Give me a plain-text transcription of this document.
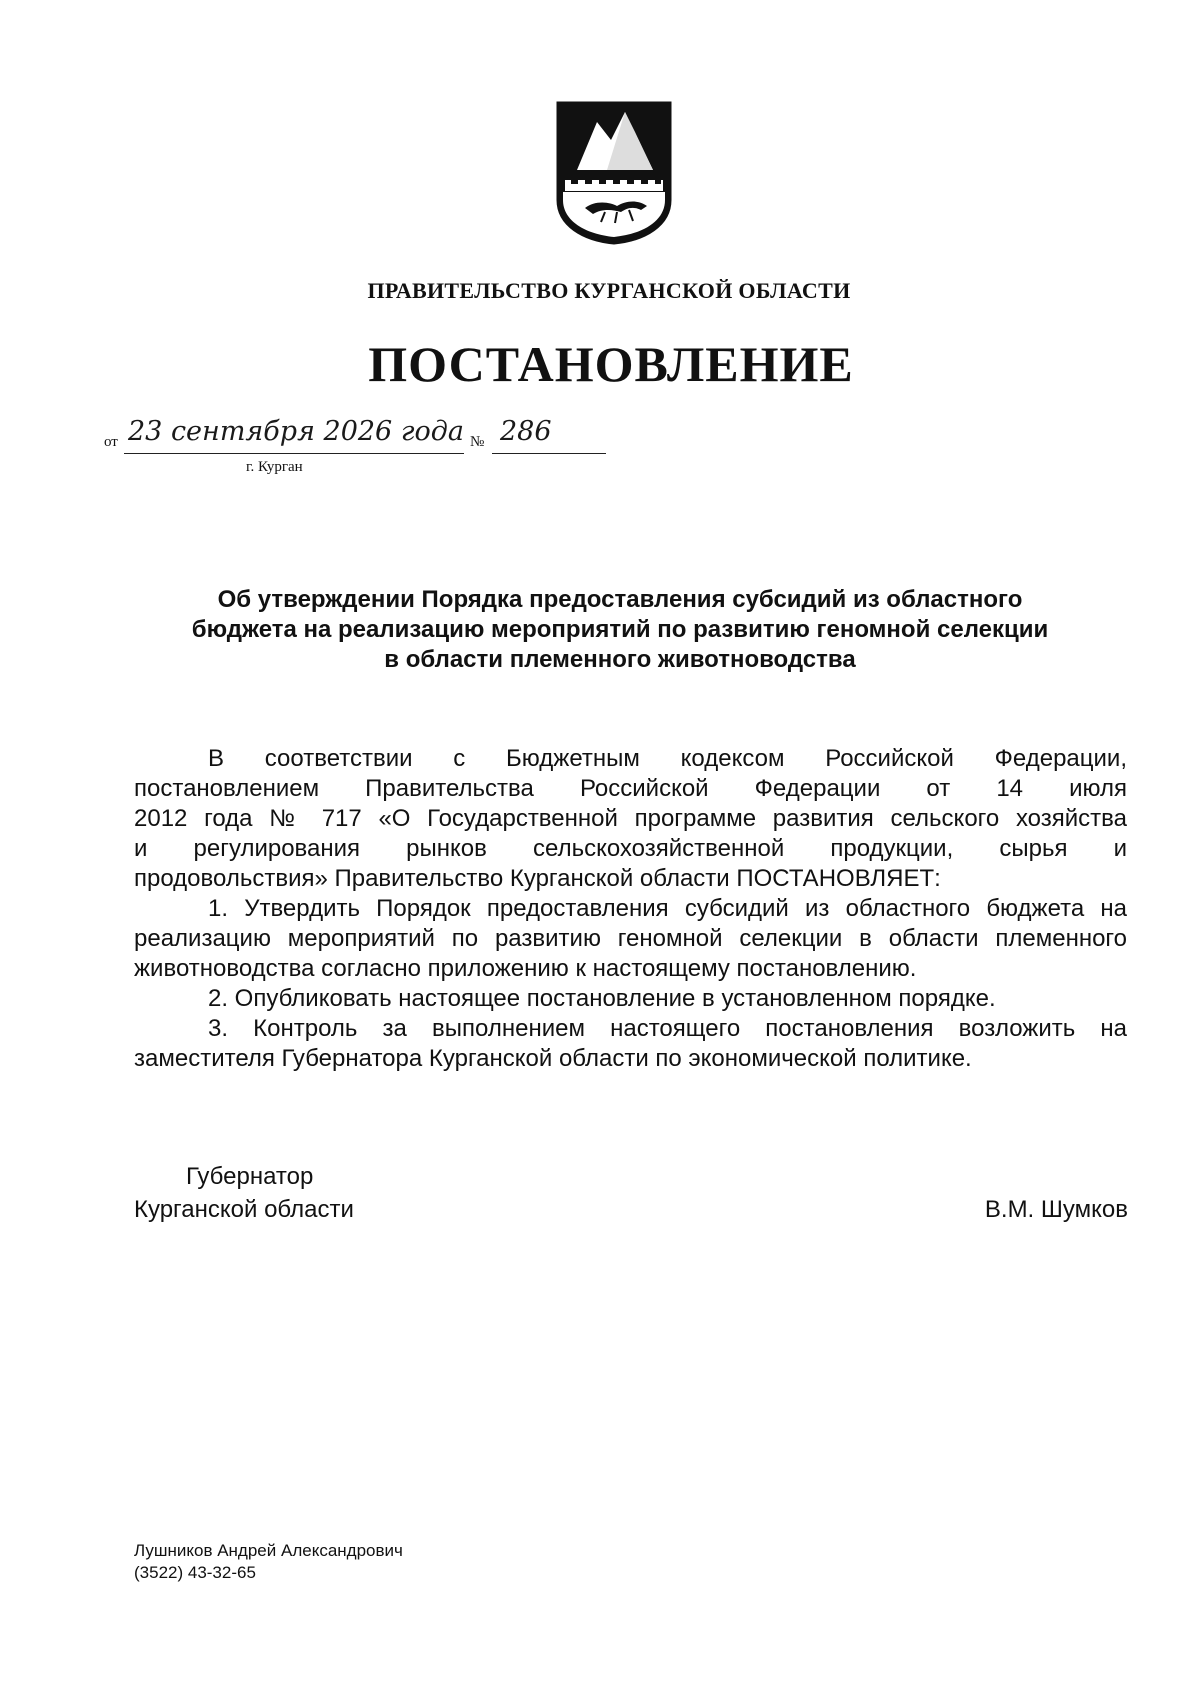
ПРАВИТЕЛЬСТВО КУРГАНСКОЙ ОБЛАСТИ
ПОСТАНОВЛЕНИЕ
от 23 сентября 2026 года № 286
г. Курган
Об утверждении Порядка предоставления субсидий из областного
бюджета на реализацию мероприятий по развитию геномной селекции
в области племенного животноводства

В соответствии с Бюджетным кодексом Российской Федерации,

постановлением Правительства Российской Федерации от 14 июля

2012 года № 717 «О Государственной программе развития сельского хозяйства

и регулирования рынков сельскохозяйственной продукции, сырья и

продовольствия» Правительство Курганской области ПОСТАНОВЛЯЕТ:

1. Утвердить Порядок предоставления субсидий из областного бюджета на

реализацию мероприятий по развитию геномной селекции в области племенного

животноводства согласно приложению к настоящему постановлению.

2. Опубликовать настоящее постановление в установленном порядке.

3. Контроль за выполнением настоящего постановления возложить на

заместителя Губернатора Курганской области по экономической политике.

Губернатор
Курганской области	В.М. Шумков
Лушников Андрей Александрович
(3522) 43-32-65
